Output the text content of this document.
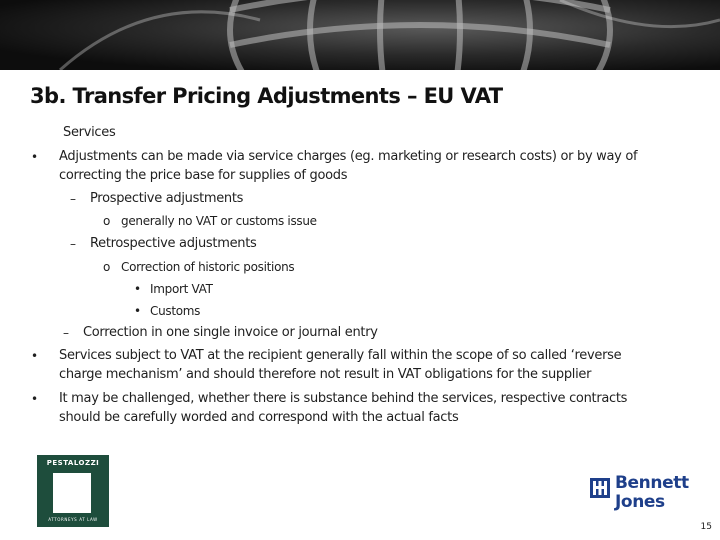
3b. Transfer Pricing Adjustments – EU VAT
Services
• Adjustments can be made via service charges (eg. marketing or research costs) or by way of
correcting the price base for supplies of goods
– Prospective adjustments
o generally no VAT or customs issue
– Retrospective adjustments
o Correction of historic positions
• Import VAT
• Customs
– Correction in one single invoice or journal entry
• Services subject to VAT at the recipient generally fall within the scope of so called ‘reverse
charge mechanism’ and should therefore not result in VAT obligations for the supplier
• It may be challenged, whether there is substance behind the services, respective contracts
should be carefully worded and correspond with the actual facts
PESTALOZZI
ATTORNEYS AT LAW
Bennett
Jones
15
